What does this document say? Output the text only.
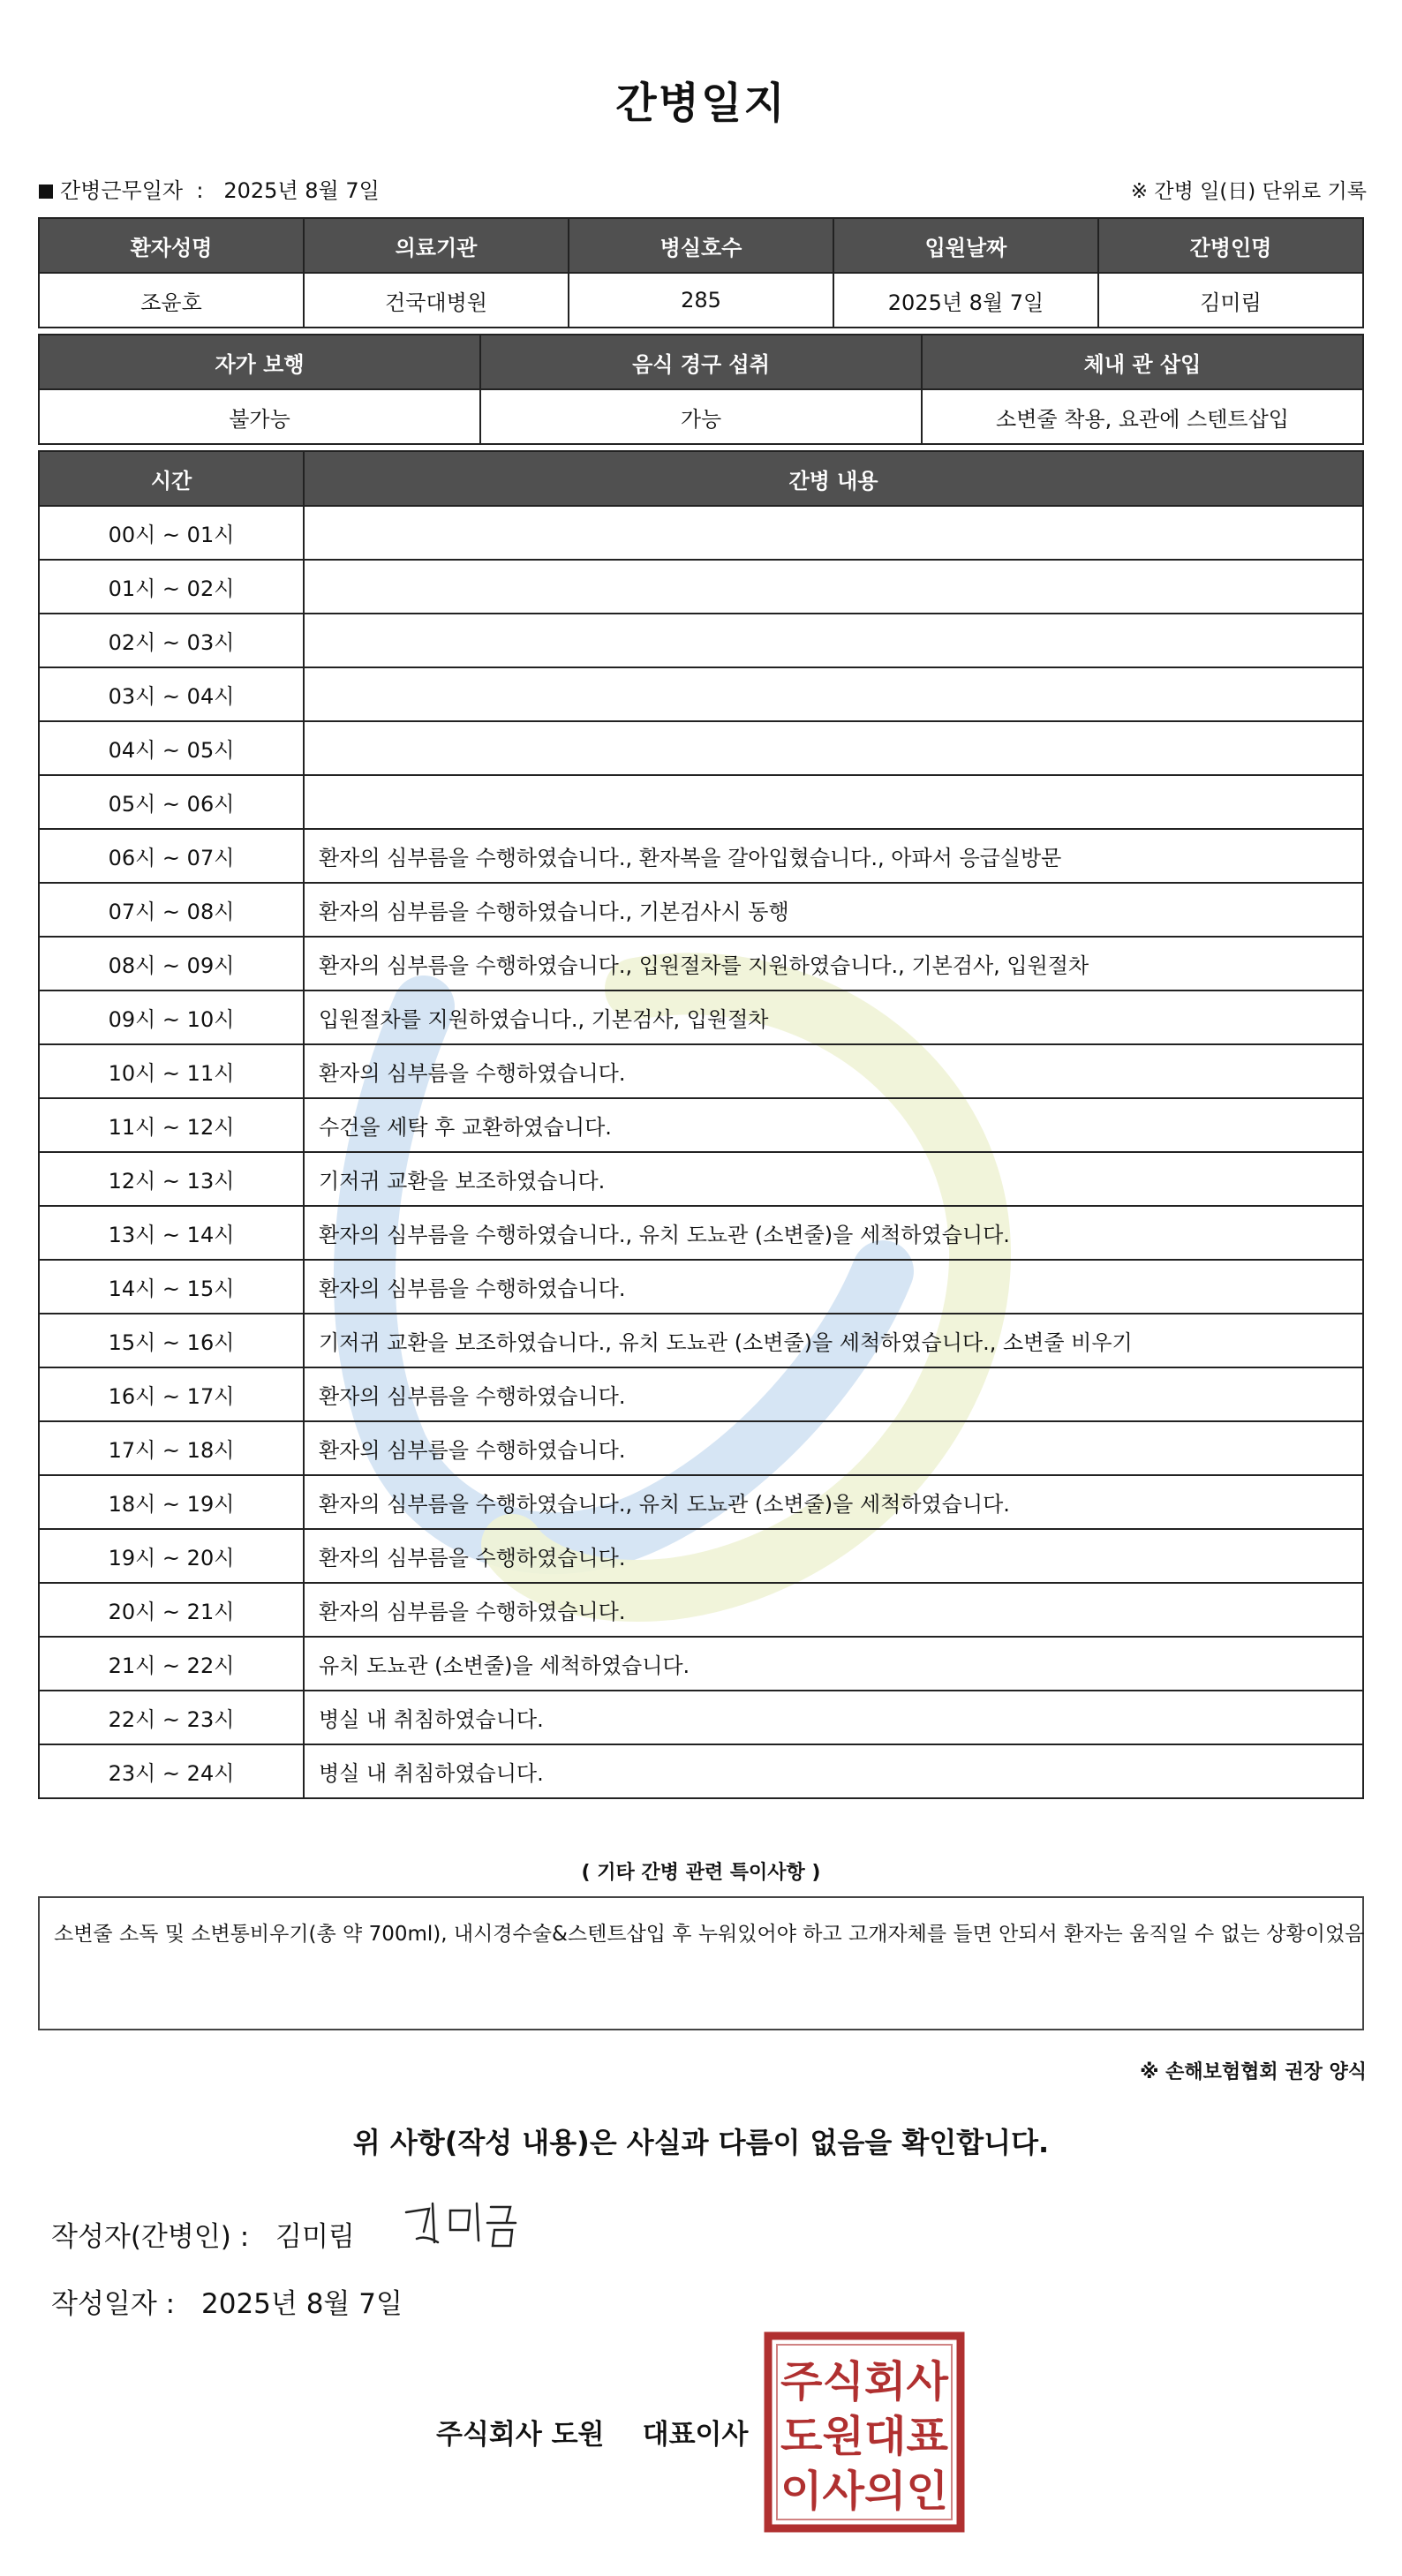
간병일지
간병근무일자 : 2025년 8월 7일	※ 간병 일(日) 단위로 기록
환자성명	의료기관	병실호수	입원날짜	간병인명
조윤호	건국대병원	285	2025년 8월 7일	김미림
자가 보행	음식 경구 섭취	체내 관 삽입
불가능	가능	소변줄 착용, 요관에 스텐트삽입
시간	간병 내용
00시 ~ 01시	
01시 ~ 02시	
02시 ~ 03시	
03시 ~ 04시	
04시 ~ 05시	
05시 ~ 06시	
06시 ~ 07시	환자의 심부름을 수행하였습니다., 환자복을 갈아입혔습니다., 아파서 응급실방문
07시 ~ 08시	환자의 심부름을 수행하였습니다., 기본검사시 동행
08시 ~ 09시	환자의 심부름을 수행하였습니다., 입원절차를 지원하였습니다., 기본검사, 입원절차
09시 ~ 10시	입원절차를 지원하였습니다., 기본검사, 입원절차
10시 ~ 11시	환자의 심부름을 수행하였습니다.
11시 ~ 12시	수건을 세탁 후 교환하였습니다.
12시 ~ 13시	기저귀 교환을 보조하였습니다.
13시 ~ 14시	환자의 심부름을 수행하였습니다., 유치 도뇨관 (소변줄)을 세척하였습니다.
14시 ~ 15시	환자의 심부름을 수행하였습니다.
15시 ~ 16시	기저귀 교환을 보조하였습니다., 유치 도뇨관 (소변줄)을 세척하였습니다., 소변줄 비우기
16시 ~ 17시	환자의 심부름을 수행하였습니다.
17시 ~ 18시	환자의 심부름을 수행하였습니다.
18시 ~ 19시	환자의 심부름을 수행하였습니다., 유치 도뇨관 (소변줄)을 세척하였습니다.
19시 ~ 20시	환자의 심부름을 수행하였습니다.
20시 ~ 21시	환자의 심부름을 수행하였습니다.
21시 ~ 22시	유치 도뇨관 (소변줄)을 세척하였습니다.
22시 ~ 23시	병실 내 취침하였습니다.
23시 ~ 24시	병실 내 취침하였습니다.
( 기타 간병 관련 특이사항 )
소변줄 소독 및 소변통비우기(총 약 700ml), 내시경수술&스텐트삽입 후 누워있어야 하고 고개자체를 들면 안되서 환자는 움직일 수 없는 상황이었음
※ 손해보험협회 권장 양식
위 사항(작성 내용)은 사실과 다름이 없음을 확인합니다.
작성자(간병인) : 김미림
작성일자 : 2025년 8월 7일
주식회사 도원    대표이사
주식회사
도원대표
이사의인
